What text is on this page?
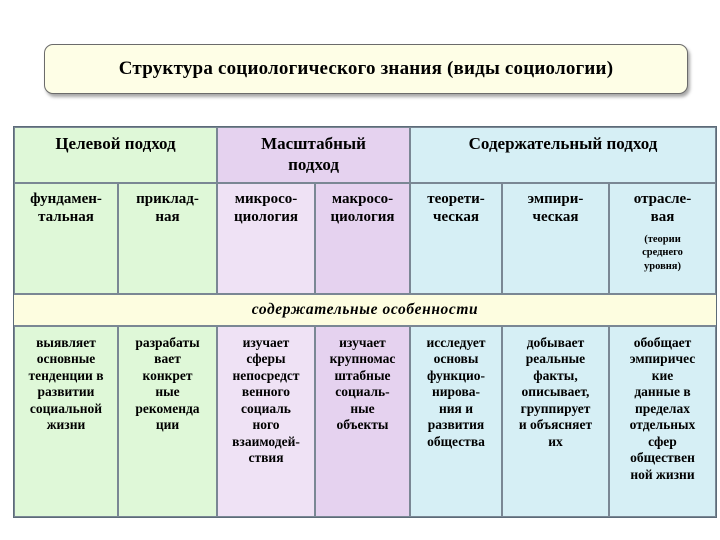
Структура социологического знания (виды социологии)
Целевой подход	Масштабный
подход
Содержательный подход
фундамен-
тальная
приклад-
ная
микросо-
циология
макросо-
циология
теорети-
ческая
эмпири-
ческая
отрасле-
вая
(теории
среднего
уровня)
содержательные особенности
выявляет
основные
тенденции в
развитии
социальной
жизни
разрабаты
вает
конкрет
ные
рекоменда
ции
изучает
сферы
непосредст
венного
социаль
ного
взаимодей-
ствия
изучает
крупномас
штабные
социаль-
ные
объекты
исследует
основы
функцио-
нирова-
ния и
развития
общества
добывает
реальные
факты,
описывает,
группирует
и объясняет
их
обобщает
эмпиричес
кие
данные в
пределах
отдельных
сфер
обществен
ной жизни
